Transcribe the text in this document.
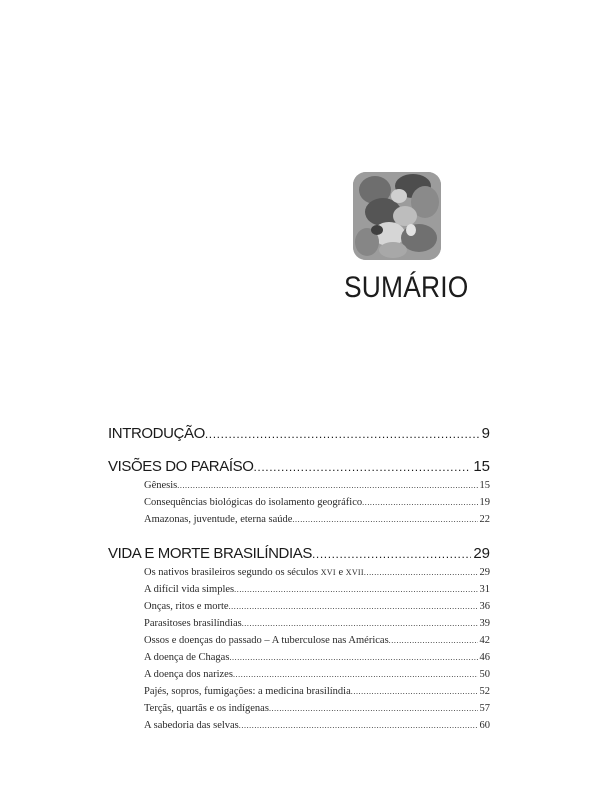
SUMÁRIO
INTRODUÇÃO .....	9
VISÕES DO PARAÍSO .....	15
Gênesis .....	15
Consequências biológicas do isolamento geográfico .....	19
Amazonas, juventude, eterna saúde .....	22
VIDA E MORTE BRASILÍNDIAS .....	29
Os nativos brasileiros segundo os séculos XVI e XVII .....	29
A difícil vida simples .....	31
Onças, ritos e morte .....	36
Parasitoses brasilíndias .....	39
Ossos e doenças do passado – A tuberculose nas Américas .....	42
A doença de Chagas .....	46
A doença dos narizes .....	50
Pajés, sopros, fumigações: a medicina brasilíndia .....	52
Terçãs, quartãs e os indígenas .....	57
A sabedoria das selvas .....	60
